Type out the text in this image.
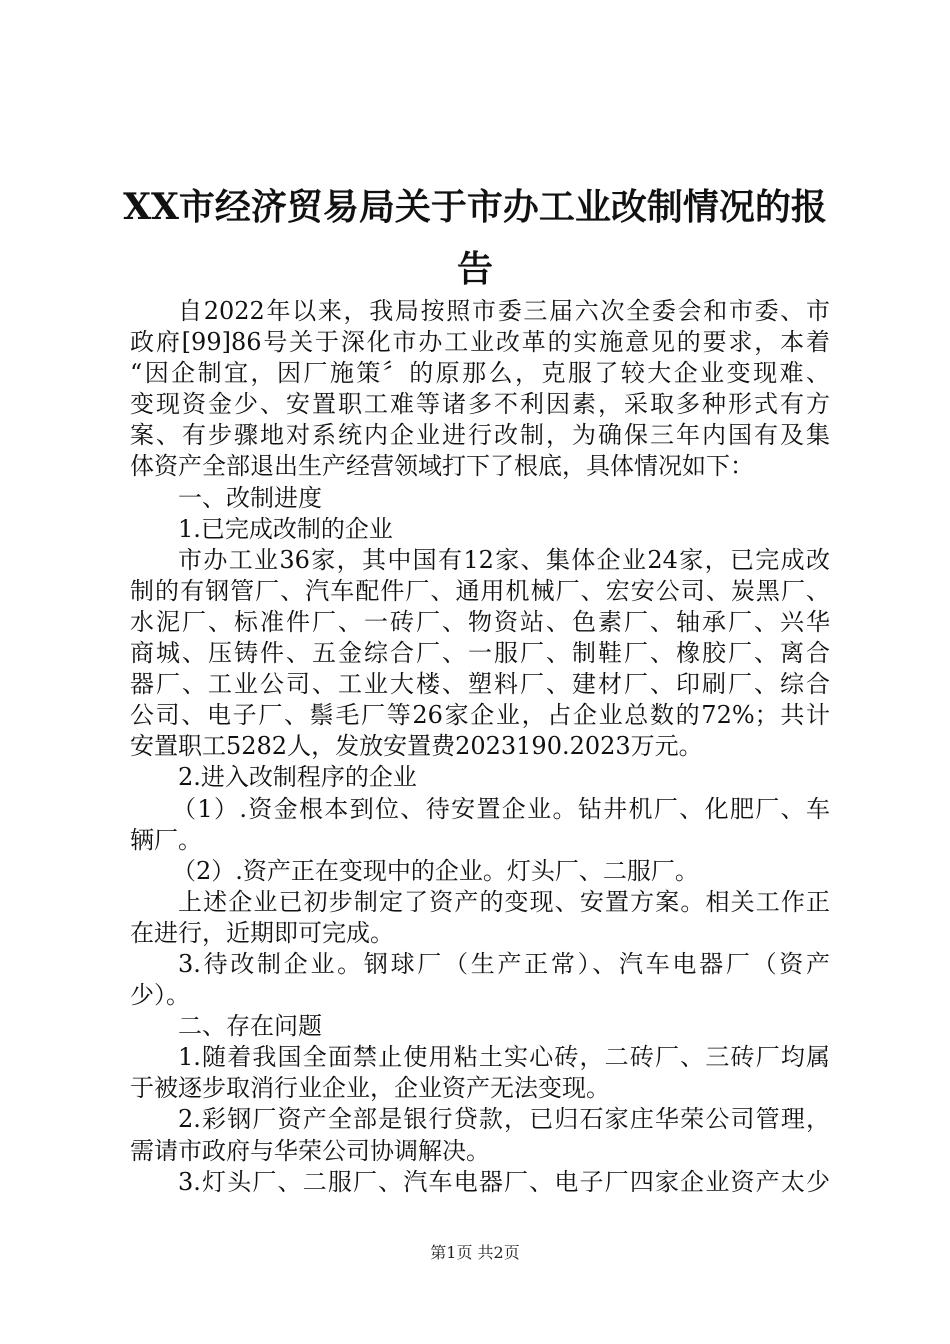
XX市经济贸易局关于市办工业改制情况的报
告
自2022年以来，我局按照市委三届六次全委会和市委、市
政府[99]86号关于深化市办工业改革的实施意见的要求，本着
“因企制宜，因厂施策〞的原那么，克服了较大企业变现难、
变现资金少、安置职工难等诸多不利因素，采取多种形式有方
案、有步骤地对系统内企业进行改制，为确保三年内国有及集
体资产全部退出生产经营领域打下了根底，具体情况如下：
一、改制进度
1.已完成改制的企业
市办工业36家，其中国有12家、集体企业24家，已完成改
制的有钢管厂、汽车配件厂、通用机械厂、宏安公司、炭黑厂、
水泥厂、标准件厂、一砖厂、物资站、色素厂、轴承厂、兴华
商城、压铸件、五金综合厂、一服厂、制鞋厂、橡胶厂、离合
器厂、工业公司、工业大楼、塑料厂、建材厂、印刷厂、综合
公司、电子厂、鬃毛厂等26家企业，占企业总数的72%；共计
安置职工5282人，发放安置费2023190.2023万元。
2.进入改制程序的企业
（1）.资金根本到位、待安置企业。钻井机厂、化肥厂、车
辆厂。
（2）.资产正在变现中的企业。灯头厂、二服厂。
上述企业已初步制定了资产的变现、安置方案。相关工作正
在进行，近期即可完成。
3.待改制企业。钢球厂（生产正常）、汽车电器厂（资产
少）。
二、存在问题
1.随着我国全面禁止使用粘土实心砖，二砖厂、三砖厂均属
于被逐步取消行业企业，企业资产无法变现。
2.彩钢厂资产全部是银行贷款，已归石家庄华荣公司管理，
需请市政府与华荣公司协调解决。
3.灯头厂、二服厂、汽车电器厂、电子厂四家企业资产太少
第1页 共2页
